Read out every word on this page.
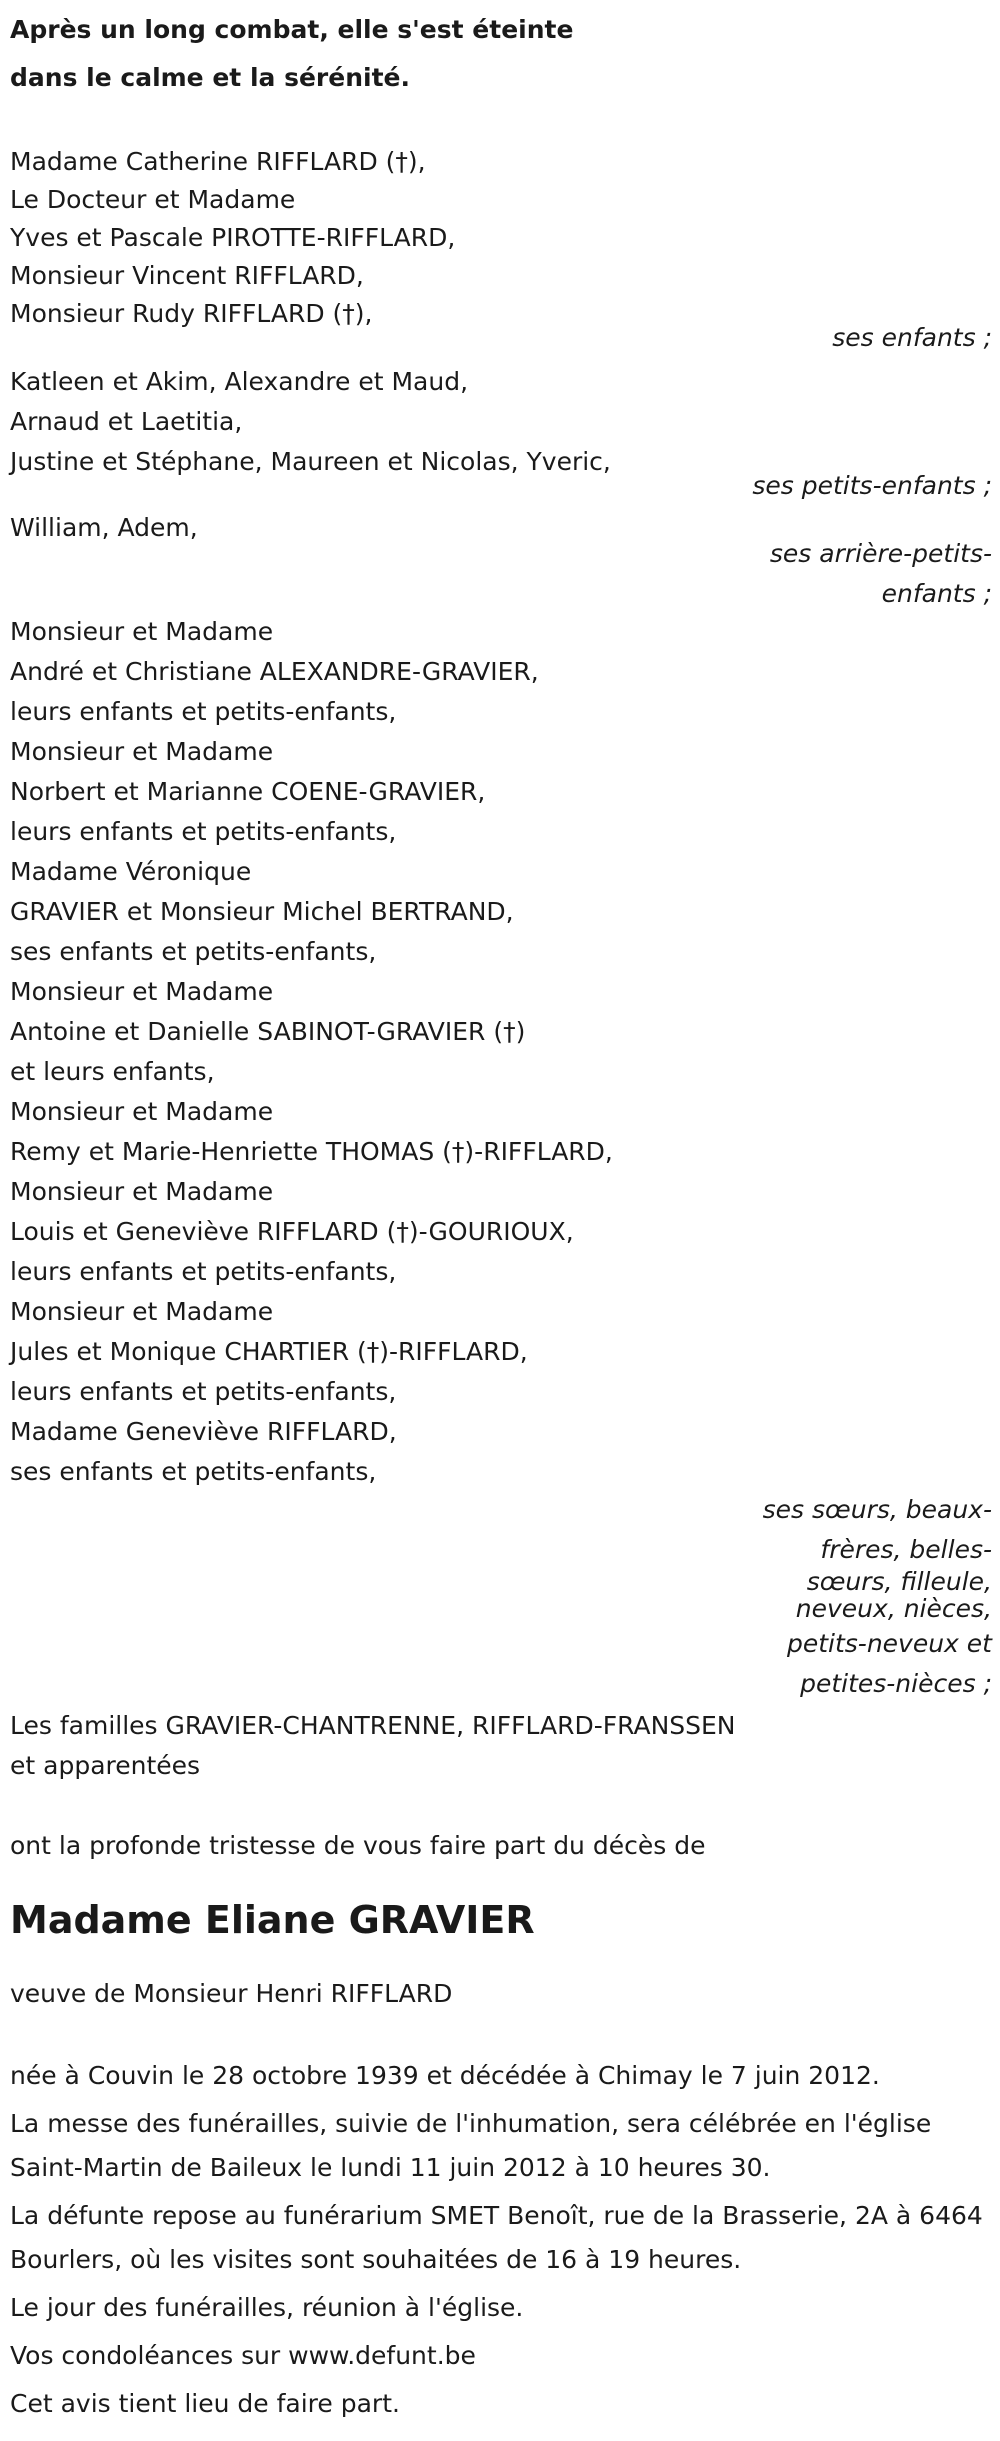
Après un long combat, elle s'est éteinte
dans le calme et la sérénité.
Madame Catherine RIFFLARD (†),
Le Docteur et Madame
Yves et Pascale PIROTTE-RIFFLARD,
Monsieur Vincent RIFFLARD,
Monsieur Rudy RIFFLARD (†),
ses enfants ;
Katleen et Akim, Alexandre et Maud,
Arnaud et Laetitia,
Justine et Stéphane, Maureen et Nicolas, Yveric,
ses petits-enfants ;
William, Adem,
ses arrière-petits-
enfants ;
Monsieur et Madame
André et Christiane ALEXANDRE-GRAVIER,
leurs enfants et petits-enfants,
Monsieur et Madame
Norbert et Marianne COENE-GRAVIER,
leurs enfants et petits-enfants,
Madame Véronique
GRAVIER et Monsieur Michel BERTRAND,
ses enfants et petits-enfants,
Monsieur et Madame
Antoine et Danielle SABINOT-GRAVIER (†)
et leurs enfants,
Monsieur et Madame
Remy et Marie-Henriette THOMAS (†)-RIFFLARD,
Monsieur et Madame
Louis et Geneviève RIFFLARD (†)-GOURIOUX,
leurs enfants et petits-enfants,
Monsieur et Madame
Jules et Monique CHARTIER (†)-RIFFLARD,
leurs enfants et petits-enfants,
Madame Geneviève RIFFLARD,
ses enfants et petits-enfants,
ses sœurs, beaux-
frères, belles-
sœurs, filleule,
neveux, nièces,
petits-neveux et
petites-nièces ;
Les familles GRAVIER-CHANTRENNE, RIFFLARD-FRANSSEN
et apparentées
ont la profonde tristesse de vous faire part du décès de
Madame Eliane GRAVIER
veuve de Monsieur Henri RIFFLARD
née à Couvin le 28 octobre 1939 et décédée à Chimay le 7 juin 2012.
La messe des funérailles, suivie de l'inhumation, sera célébrée en l'église Saint-Martin de Baileux le lundi 11 juin 2012 à 10 heures 30.
La défunte repose au funérarium SMET Benoît, rue de la Brasserie, 2A à 6464 Bourlers, où les visites sont souhaitées de 16 à 19 heures.
Le jour des funérailles, réunion à l'église.
Vos condoléances sur www.defunt.be
Cet avis tient lieu de faire part.
